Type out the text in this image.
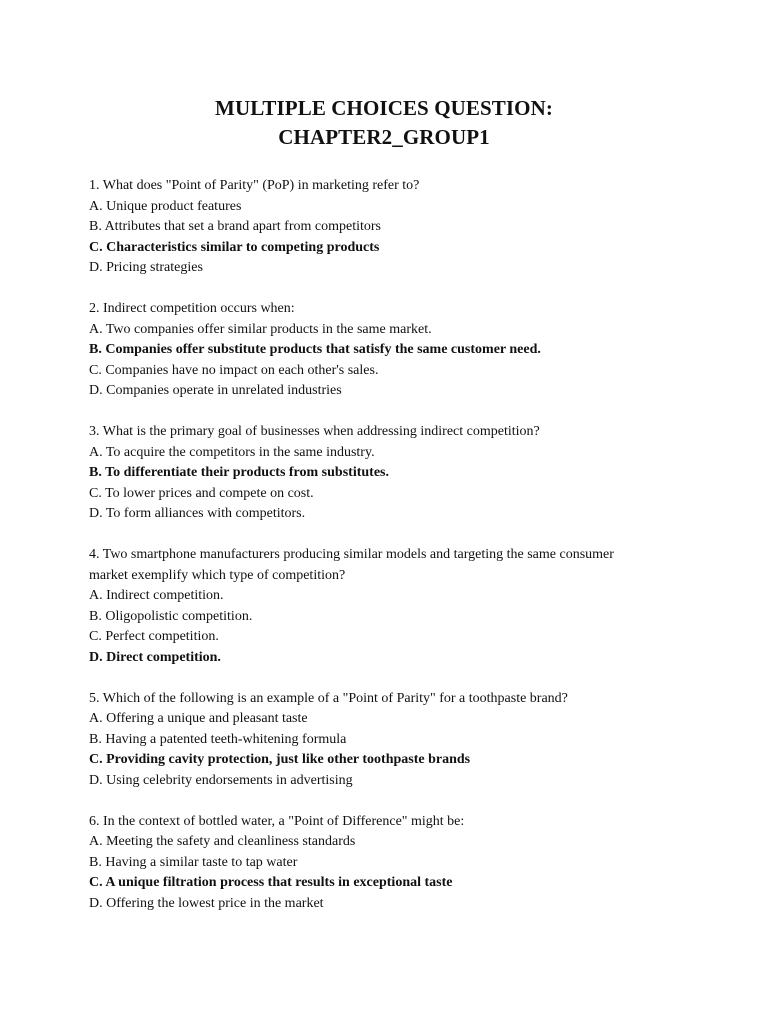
MULTIPLE CHOICES QUESTION:
CHAPTER2_GROUP1
1. What does "Point of Parity" (PoP) in marketing refer to?
A. Unique product features
B. Attributes that set a brand apart from competitors
C. Characteristics similar to competing products
D. Pricing strategies
2. Indirect competition occurs when:
A. Two companies offer similar products in the same market.
B. Companies offer substitute products that satisfy the same customer need.
C. Companies have no impact on each other's sales.
D. Companies operate in unrelated industries
3. What is the primary goal of businesses when addressing indirect competition?
A. To acquire the competitors in the same industry.
B. To differentiate their products from substitutes.
C. To lower prices and compete on cost.
D. To form alliances with competitors.
4. Two smartphone manufacturers producing similar models and targeting the same consumer
market exemplify which type of competition?
A. Indirect competition.
B. Oligopolistic competition.
C. Perfect competition.
D. Direct competition.
5. Which of the following is an example of a "Point of Parity" for a toothpaste brand?
A. Offering a unique and pleasant taste
B. Having a patented teeth-whitening formula
C. Providing cavity protection, just like other toothpaste brands
D. Using celebrity endorsements in advertising
6. In the context of bottled water, a "Point of Difference" might be:
A. Meeting the safety and cleanliness standards
B. Having a similar taste to tap water
C. A unique filtration process that results in exceptional taste
D. Offering the lowest price in the market
